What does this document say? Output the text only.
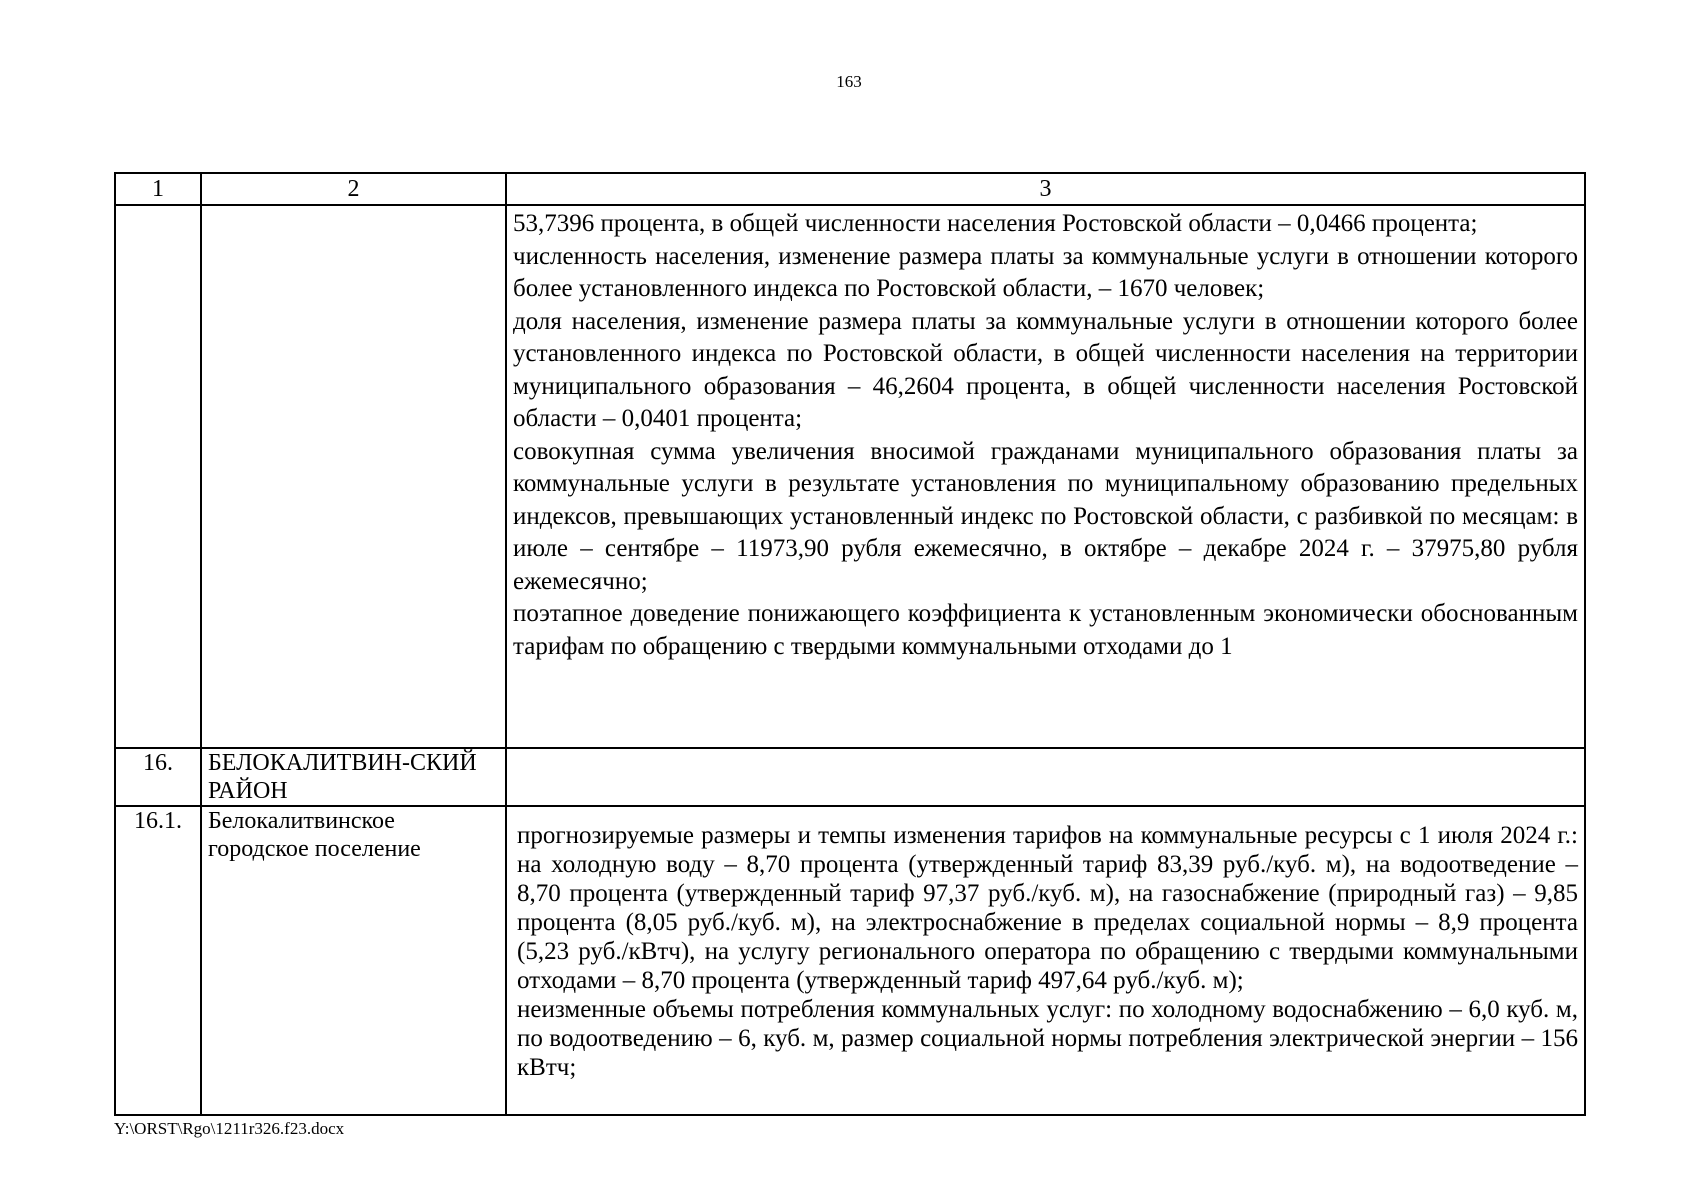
163
1	2	3

		53,7396 процента, в общей численности населения Ростовской области – 0,0466 процента;
численность населения, изменение размера платы за коммунальные услуги в отношении которого более установленного индекса по Ростовской области, – 1670 человек;
доля населения, изменение размера платы за коммунальные услуги в отношении которого более установленного индекса по Ростовской области, в общей численности населения на территории муниципального образования – 46,2604 процента, в общей численности населения Ростовской области – 0,0401 процента;
совокупная сумма увеличения вносимой гражданами муниципального образования платы за коммунальные услуги в результате установления по муниципальному образованию предельных индексов, превышающих установленный индекс по Ростовской области, с разбивкой по месяцам: в июле – сентябре – 11973,90 рубля ежемесячно, в октябре – декабре 2024 г. – 37975,80 рубля ежемесячно;
поэтапное доведение понижающего коэффициента к установленным экономически обоснованным тарифам по обращению с твердыми коммунальными отходами до 1

16.	БЕЛОКАЛИТВИН-СКИЙ РАЙОН	
16.1.	Белокалитвинское городское поселение	прогнозируемые размеры и темпы изменения тарифов на коммунальные ресурсы с 1 июля 2024 г.: на холодную воду – 8,70 процента (утвержденный тариф 83,39 руб./куб. м), на водоотведение – 8,70 процента (утвержденный тариф 97,37 руб./куб. м), на газоснабжение (природный газ) – 9,85 процента (8,05 руб./куб. м), на электроснабжение в пределах социальной нормы – 8,9 процента (5,23 руб./кВтч), на услугу регионального оператора по обращению с твердыми коммунальными отходами – 8,70 процента (утвержденный тариф 497,64 руб./куб. м);
неизменные объемы потребления коммунальных услуг: по холодному водоснабжению – 6,0 куб. м, по водоотведению – 6, куб. м, размер социальной нормы потребления электрической энергии – 156 кВтч;
Y:\ORST\Rgo\1211r326.f23.docx
